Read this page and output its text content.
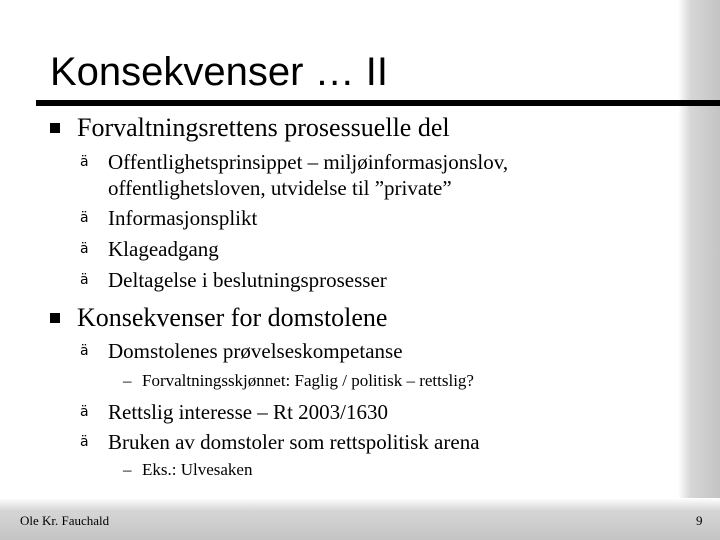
Konsekvenser … II
Forvaltningsrettens prosessuelle del
ä Offentlighetsprinsippet – miljøinformasjonslov,
offentlighetsloven, utvidelse til ”private”
ä Informasjonsplikt
ä Klageadgang
ä Deltagelse i beslutningsprosesser
Konsekvenser for domstolene
ä Domstolenes prøvelseskompetanse
– Forvaltningsskjønnet: Faglig / politisk – rettslig?
ä Rettslig interesse – Rt 2003/1630
ä Bruken av domstoler som rettspolitisk arena
– Eks.: Ulvesaken
Ole Kr. Fauchald	9
